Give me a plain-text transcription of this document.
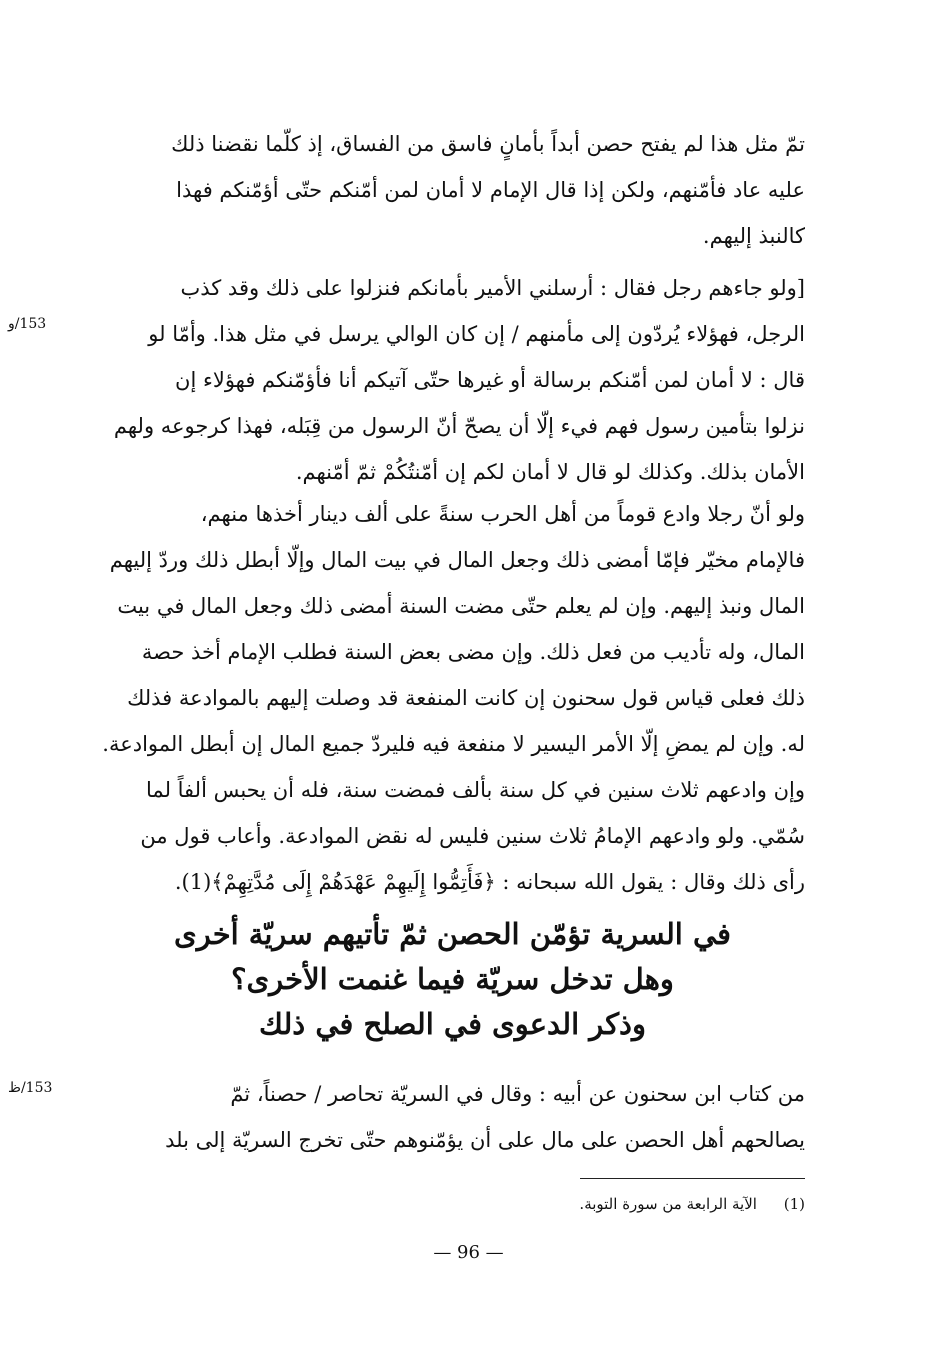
تمّ مثل هذا لم يفتح حصن أبداً بأمانٍ فاسق من الفساق، إذ كلّما نقضنا ذلك
عليه عاد فأمّنهم، ولكن إذا قال الإمام لا أمان لمن أمّنكم حتّى أؤمّنكم فهذا
كالنبذ إليهم.
[ولو جاءهم رجل فقال : أرسلني الأمير بأمانكم فنزلوا على ذلك وقد كذب
الرجل، فهؤلاء يُردّون إلى مأمنهم / إن كان الوالي يرسل في مثل هذا. وأمّا لو
قال : لا أمان لمن أمّنكم برسالة أو غيرها حتّى آتيكم أنا فأؤمّنكم فهؤلاء إن
نزلوا بتأمين رسول فهم فيء إلّا أن يصحّ أنّ الرسول من قِبَله، فهذا كرجوعه ولهم
الأمان بذلك. وكذلك لو قال لا أمان لكم إن أمّنتُكُمْ ثمّ أمّنهم.
153/و
ولو أنّ رجلا وادع قوماً من أهل الحرب سنةً على ألف دينار أخذها منهم،
فالإمام مخيّر فإمّا أمضى ذلك وجعل المال في بيت المال وإلّا أبطل ذلك وردّ إليهم
المال ونبذ إليهم. وإن لم يعلم حتّى مضت السنة أمضى ذلك وجعل المال في بيت
المال، وله تأديب من فعل ذلك. وإن مضى بعض السنة فطلب الإمام أخذ حصة
ذلك فعلى قياس قول سحنون إن كانت المنفعة قد وصلت إليهم بالموادعة فذلك
له. وإن لم يمضِ إلّا الأمر اليسير لا منفعة فيه فليردّ جميع المال إن أبطل الموادعة.
وإن وادعهم ثلاث سنين في كل سنة بألف فمضت سنة، فله أن يحبس ألفاً لما
سُمّي. ولو وادعهم الإمامُ ثلاث سنين فليس له نقض الموادعة. وأعاب قول من
رأى ذلك وقال : يقول الله سبحانه : ﴿فَأَتِمُّوا إِلَيهِمْ عَهْدَهُمْ إِلَى مُدَّتِهِمْ﴾(1).
في السرية تؤمّن الحصن ثمّ تأتيهم سريّة أخرى
وهل تدخل سريّة فيما غنمت الأخرى؟
وذكر الدعوى في الصلح في ذلك
من كتاب ابن سحنون عن أبيه : وقال في السريّة تحاصر / حصناً، ثمّ
يصالحهم أهل الحصن على مال على أن يؤمّنوهم حتّى تخرج السريّة إلى بلد
153/ظ
(1) الآية الرابعة من سورة التوبة.
— 96 —
